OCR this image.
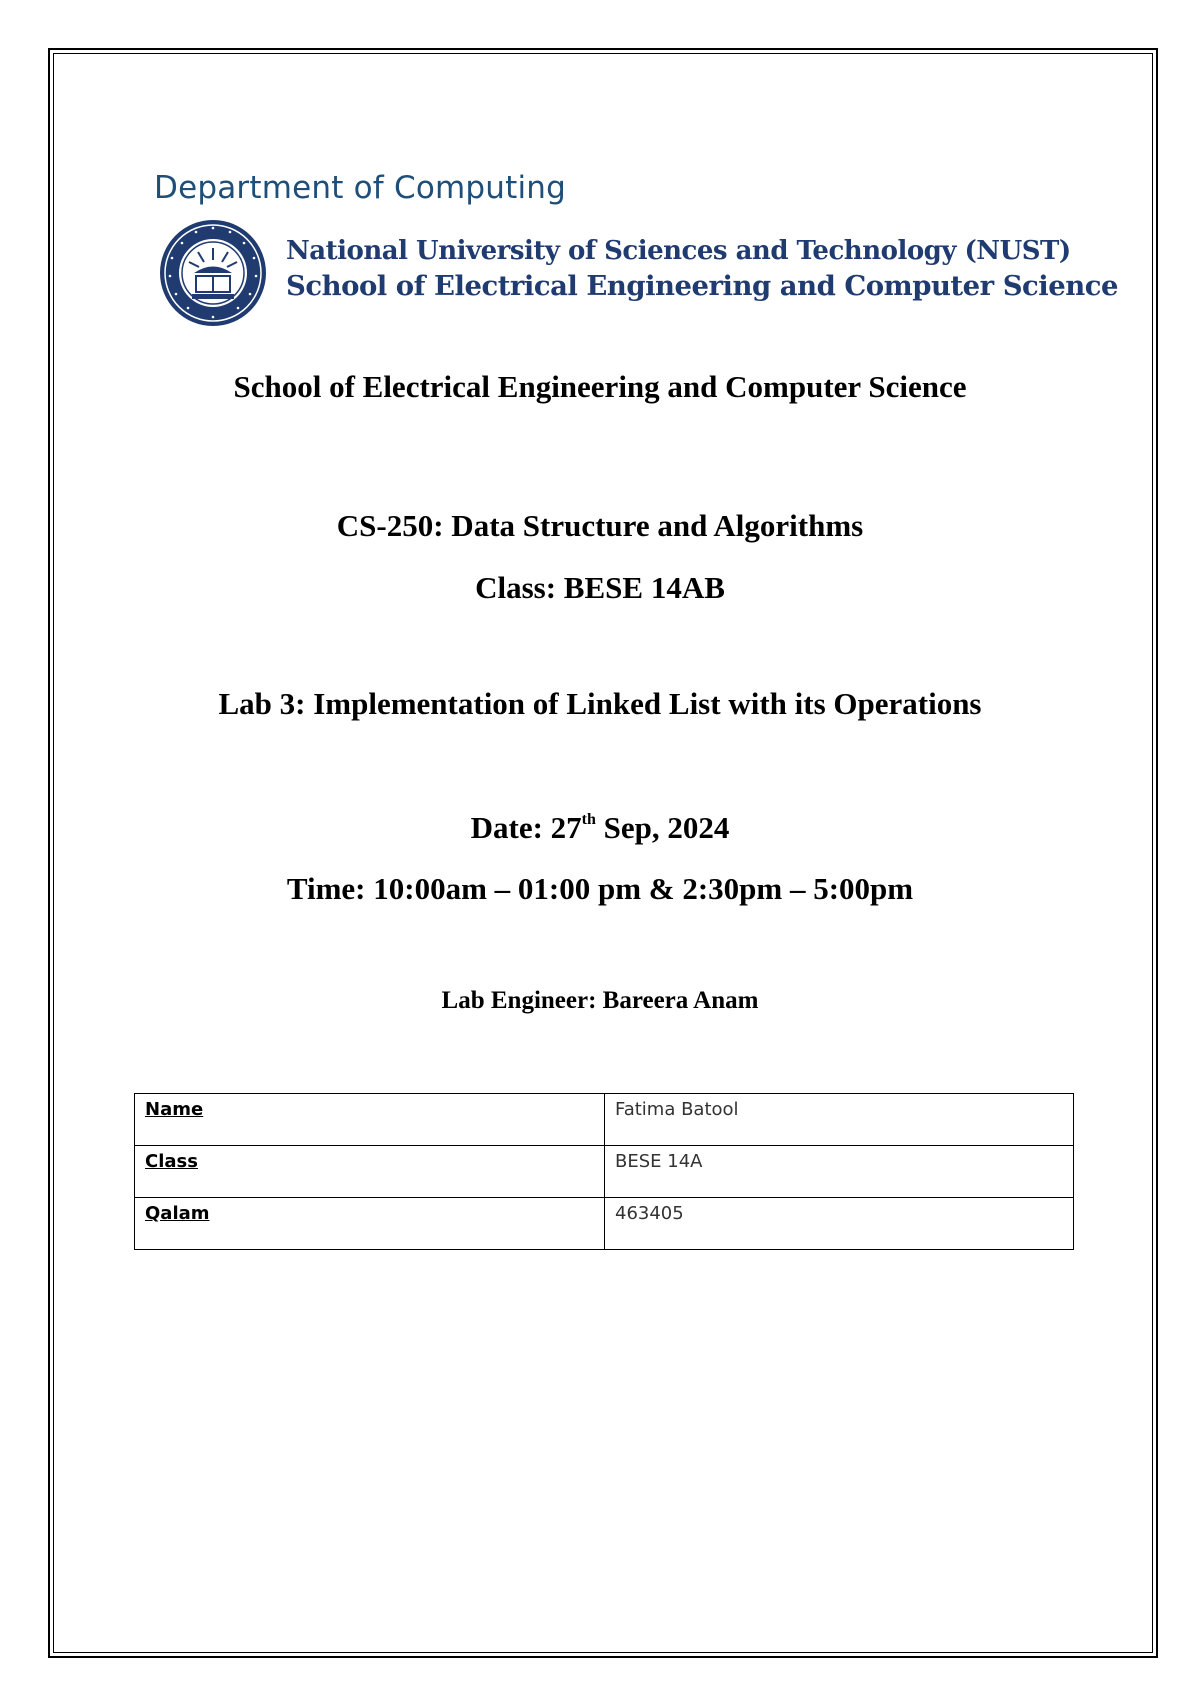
Department of Computing
National University of Sciences and Technology (NUST)
School of Electrical Engineering and Computer Science
School of Electrical Engineering and Computer Science
CS-250: Data Structure and Algorithms
Class: BESE 14AB
Lab 3: Implementation of Linked List with its Operations
Date: 27th Sep, 2024
Time: 10:00am – 01:00 pm & 2:30pm – 5:00pm
Lab Engineer: Bareera Anam
Name	Fatima Batool
Class	BESE 14A
Qalam	463405
